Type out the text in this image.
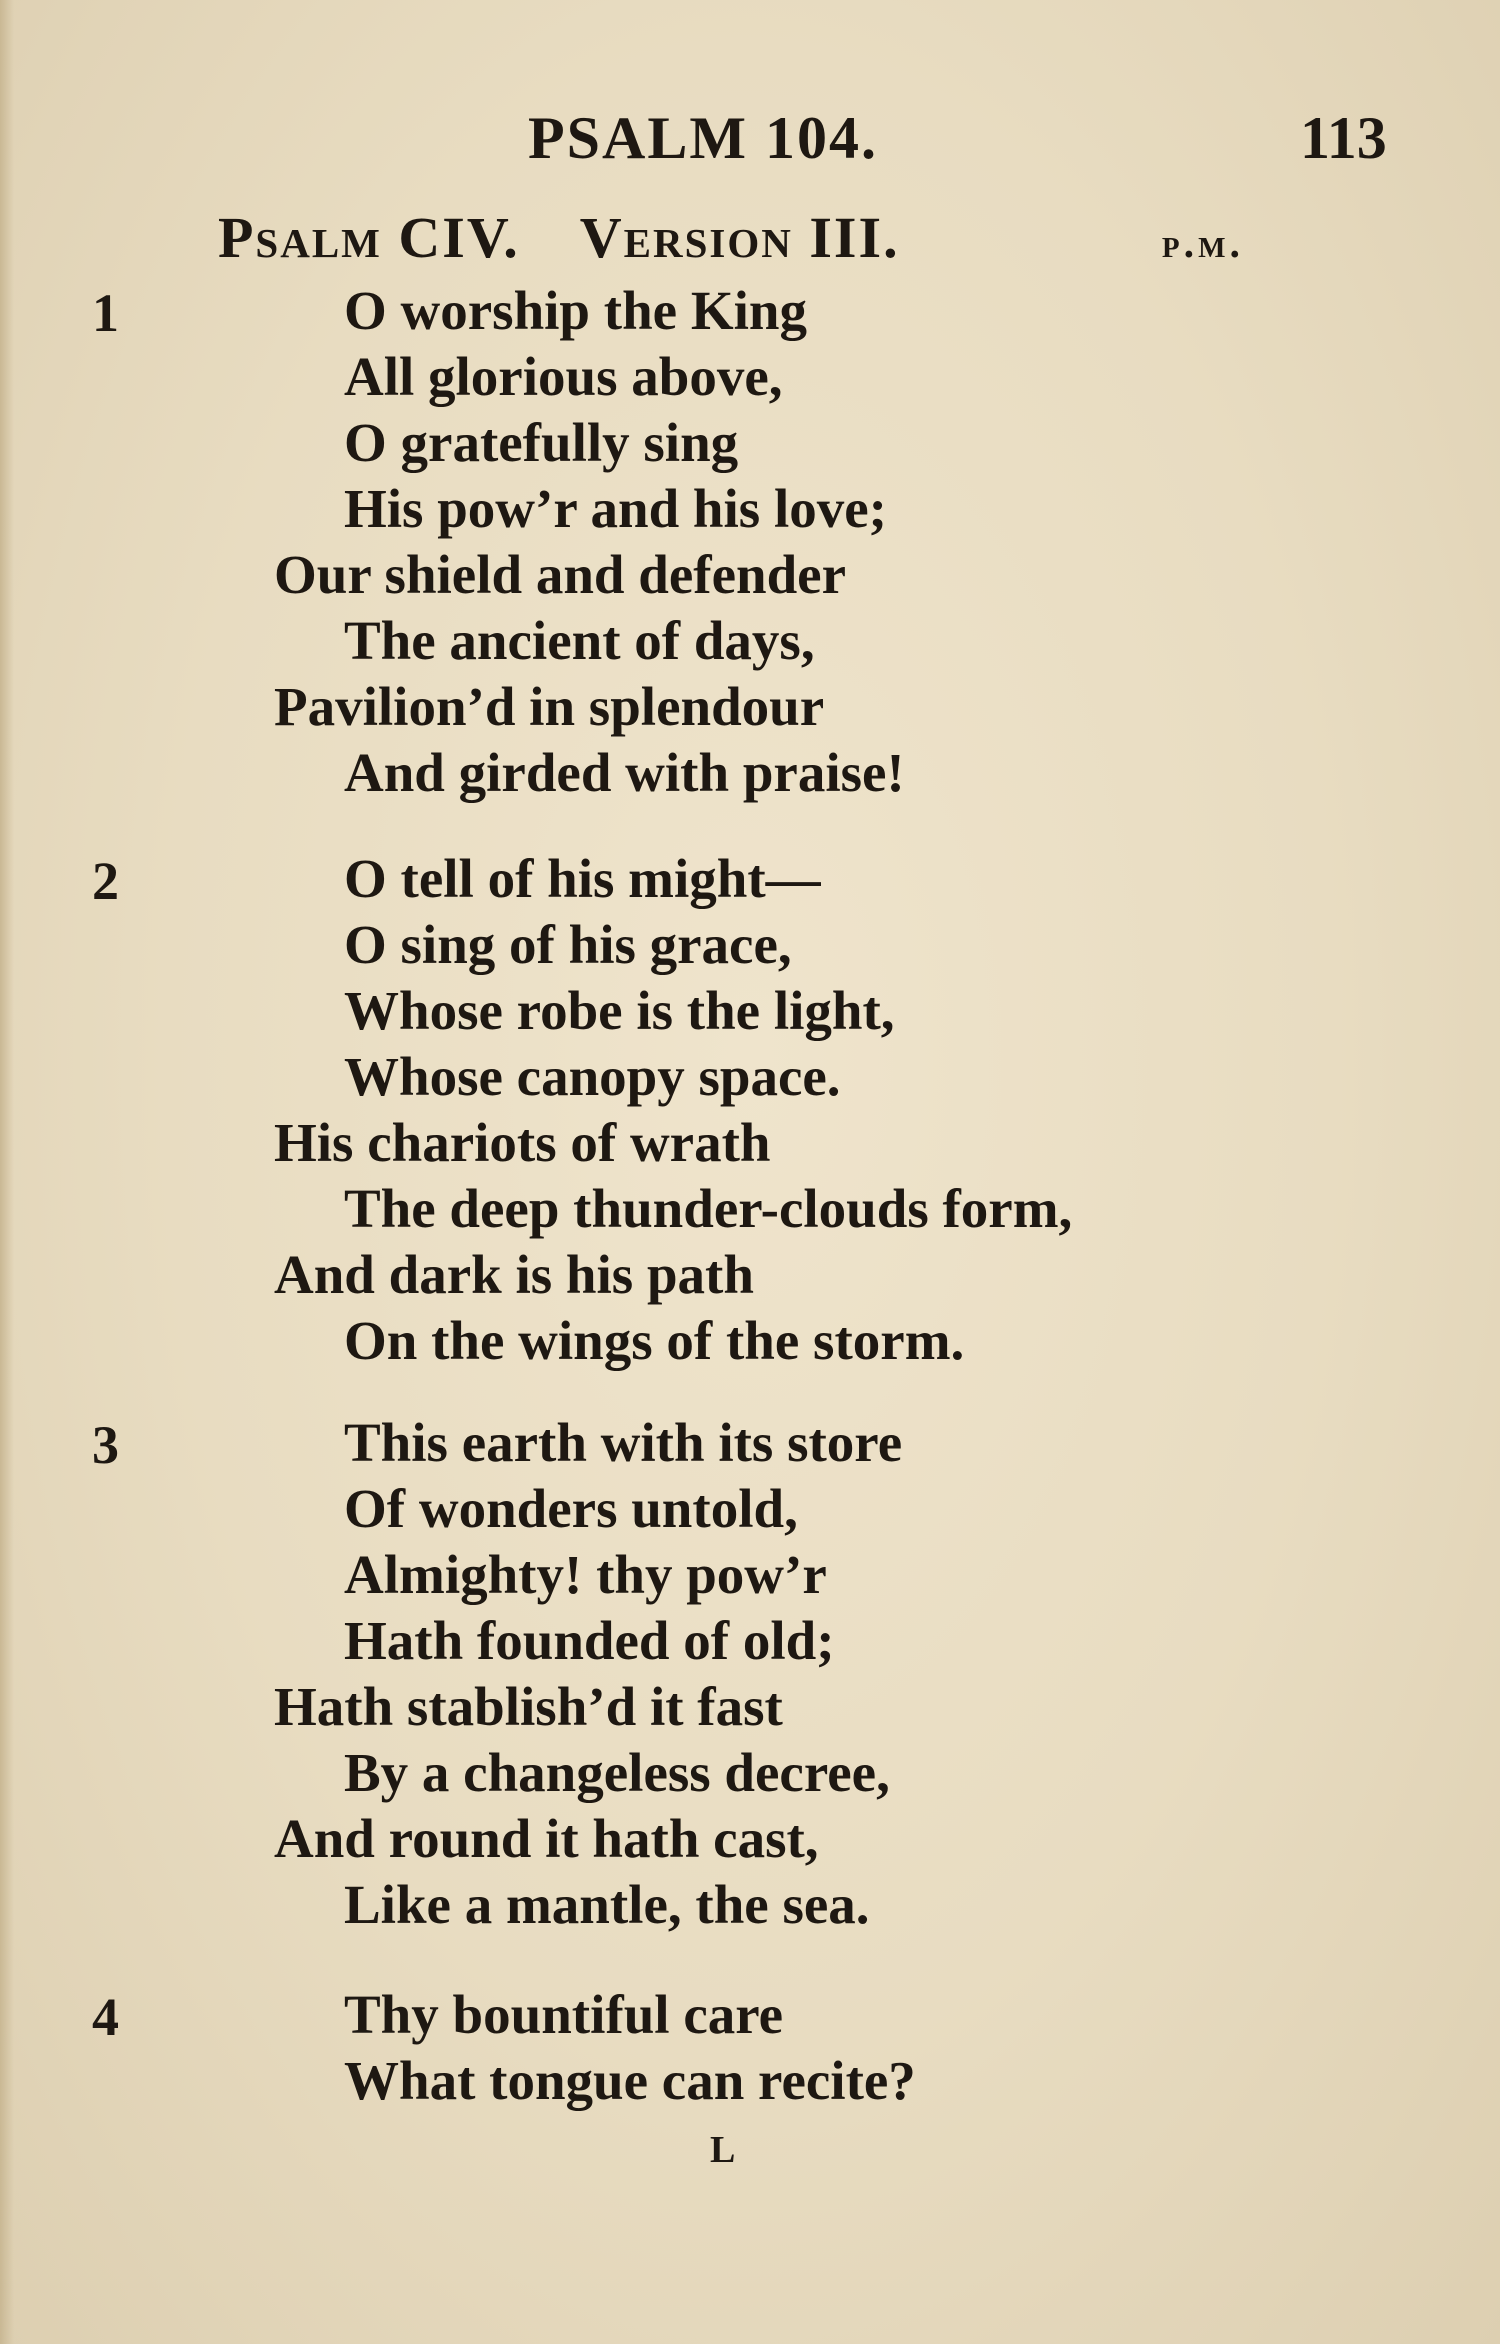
PSALM 104.	113
Psalm CIV. Version III.	p.m.
1	O worship the King
All glorious above,
O gratefully sing
His pow’r and his love;
Our shield and defender
The ancient of days,
Pavilion’d in splendour
And girded with praise!
2	O tell of his might—
O sing of his grace,
Whose robe is the light,
Whose canopy space.
His chariots of wrath
The deep thunder-clouds form,
And dark is his path
On the wings of the storm.
3	This earth with its store
Of wonders untold,
Almighty! thy pow’r
Hath founded of old;
Hath stablish’d it fast
By a changeless decree,
And round it hath cast,
Like a mantle, the sea.
4	Thy bountiful care
What tongue can recite?
L
